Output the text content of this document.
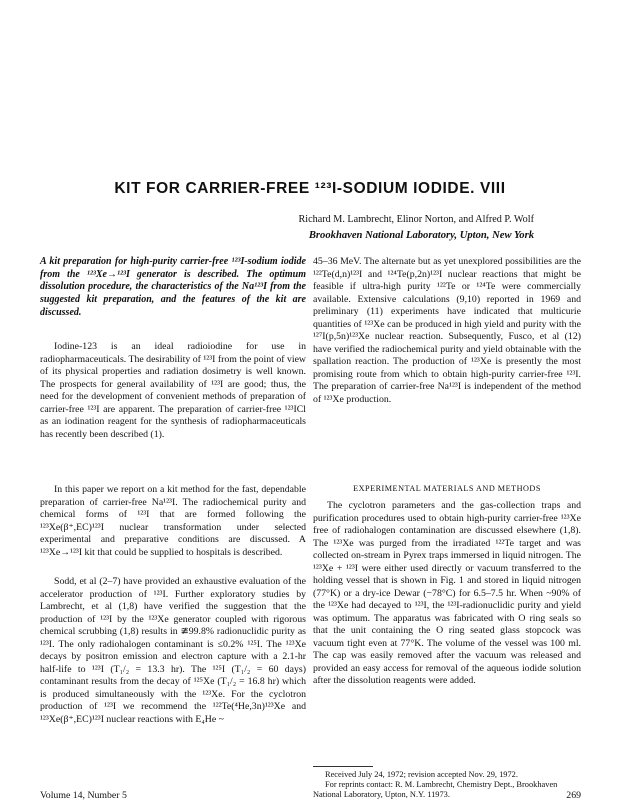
KIT FOR CARRIER-FREE ¹²³I-SODIUM IODIDE. VIII
Richard M. Lambrecht, Elinor Norton, and Alfred P. Wolf
Brookhaven National Laboratory, Upton, New York

A kit preparation for high-purity carrier-free ¹²³I-sodium iodide from the ¹²³Xe→¹²³I generator is described. The optimum dissolution procedure, the characteristics of the Na¹²³I from the suggested kit preparation, and the features of the kit are discussed.

Iodine-123 is an ideal radioiodine for use in radiopharmaceuticals. The desirability of ¹²³I from the point of view of its physical properties and radiation dosimetry is well known. The prospects for general availability of ¹²³I are good; thus, the need for the development of convenient methods of preparation of carrier-free ¹²³I are apparent. The preparation of carrier-free ¹²³ICl as an iodination reagent for the synthesis of radiopharmaceuticals has recently been described (1).

In this paper we report on a kit method for the fast, dependable preparation of carrier-free Na¹²³I. The radiochemical purity and chemical forms of ¹²³I that are formed following the ¹²³Xe(β⁺,EC)¹²³I nuclear transformation under selected experimental and preparative conditions are discussed. A ¹²³Xe→¹²³I kit that could be supplied to hospitals is described.

Sodd, et al (2–7) have provided an exhaustive evaluation of the accelerator production of ¹²³I. Further exploratory studies by Lambrecht, et al (1,8) have verified the suggestion that the production of ¹²³I by the ¹²³Xe generator coupled with rigorous chemical scrubbing (1,8) results in ≇99.8% radionuclidic purity as ¹²³I. The only radiohalogen contaminant is ≤0.2% ¹²⁵I. The ¹²³Xe decays by positron emission and electron capture with a 2.1-hr half-life to ¹²³I (T₁/₂ = 13.3 hr). The ¹²⁵I (T₁/₂ = 60 days) contaminant results from the decay of ¹²⁵Xe (T₁/₂ = 16.8 hr) which is produced simultaneously with the ¹²³Xe. For the cyclotron production of ¹²³I we recommend the ¹²²Te(⁴He,3n)¹²³Xe and ¹²³Xe(β⁺,EC)¹²³I nuclear reactions with E₄He ~

45–36 MeV. The alternate but as yet unexplored possibilities are the ¹²²Te(d,n)¹²³I and ¹²⁴Te(p,2n)¹²³I nuclear reactions that might be feasible if ultra-high purity ¹²²Te or ¹²⁴Te were commercially available. Extensive calculations (9,10) reported in 1969 and preliminary (11) experiments have indicated that multicurie quantities of ¹²³Xe can be produced in high yield and purity with the ¹²⁷I(p,5n)¹²³Xe nuclear reaction. Subsequently, Fusco, et al (12) have verified the radiochemical purity and yield obtainable with the spallation reaction. The production of ¹²³Xe is presently the most promising route from which to obtain high-purity carrier-free ¹²³I. The preparation of carrier-free Na¹²³I is independent of the method of ¹²³Xe production.

EXPERIMENTAL MATERIALS AND METHODS

The cyclotron parameters and the gas-collection traps and purification procedures used to obtain high-purity carrier-free ¹²³Xe free of radiohalogen contamination are discussed elsewhere (1,8). The ¹²³Xe was purged from the irradiated ¹²²Te target and was collected on-stream in Pyrex traps immersed in liquid nitrogen. The ¹²³Xe + ¹²³I were either used directly or vacuum transferred to the holding vessel that is shown in Fig. 1 and stored in liquid nitrogen (77°K) or a dry-ice Dewar (−78°C) for 6.5–7.5 hr. When ~90% of the ¹²³Xe had decayed to ¹²³I, the ¹²³I-radionuclidic purity and yield was optimum. The apparatus was fabricated with O ring seals so that the unit containing the O ring seated glass stopcock was vacuum tight even at 77°K. The volume of the vessel was 100 ml. The cap was easily removed after the vacuum was released and provided an easy access for removal of the aqueous iodide solution after the dissolution reagents were added.

Received July 24, 1972; revision accepted Nov. 29, 1972.
For reprints contact: R. M. Lambrecht, Chemistry Dept., Brookhaven National Laboratory, Upton, N.Y. 11973.
Volume 14, Number 5	269
